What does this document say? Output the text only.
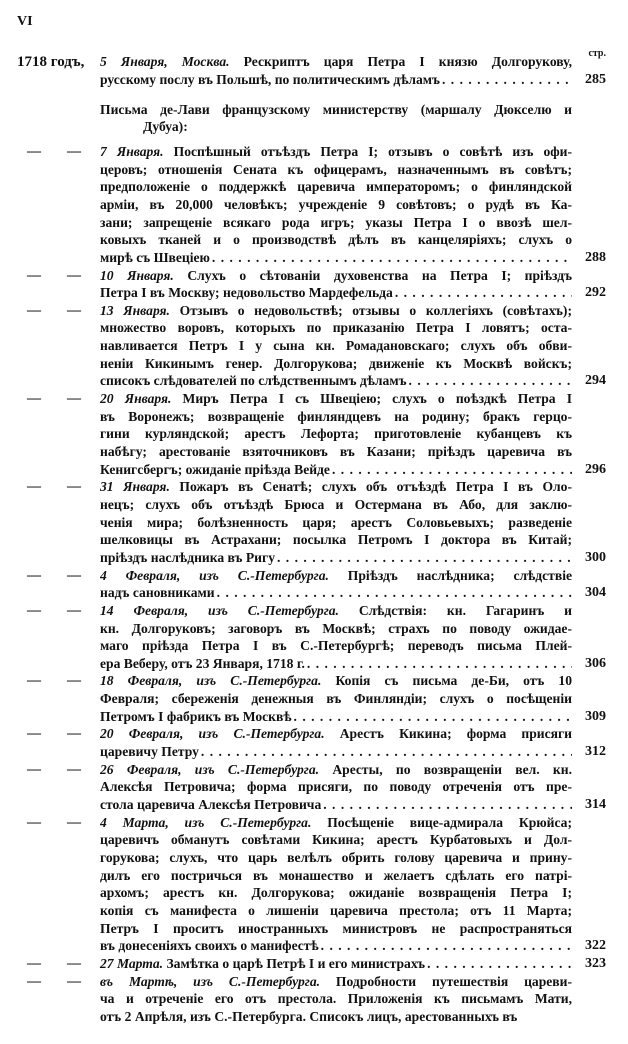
VI
1718 годъ,
стр.
5 Января, Москва. Рескриптъ царя Петра I князю Долгорукову,
русскому послу въ Польшѣ, по политическимъ дѣламъ . . .	285
Письма де-Лави французскому министерству (маршалу Дюкселю и
Дубуа):
— — 7 Января. Поспѣшный отъѣздъ Петра I; отзывъ о совѣтѣ изъ офи-
церовъ; отношенія Сената къ офицерамъ, назначеннымъ въ совѣтъ;
предположеніе о поддержкѣ царевича императоромъ; о финляндской
арміи, въ 20,000 человѣкъ; учрежденіе 9 совѣтовъ; о рудѣ въ Ка-
зани; запрещеніе всякаго рода игръ; указы Петра I о ввозѣ шел-
ковыхъ тканей и о производствѣ дѣлъ въ канцеляріяхъ; слухъ о
мирѣ съ Швеціею . . .	288
— — 10 Января. Слухъ о сѣтованіи духовенства на Петра I; пріѣздъ
Петра I въ Москву; недовольство Мардефельда . . .	292
— — 13 Января. Отзывъ о недовольствѣ; отзывы о коллегіяхъ (совѣтахъ);
множество воровъ, которыхъ по приказанію Петра I ловятъ; оста-
навливается Петръ I у сына кн. Ромадановскаго; слухъ объ обви-
неніи Кикинымъ генер. Долгорукова; движеніе къ Москвѣ войскъ;
списокъ слѣдователей по слѣдственнымъ дѣламъ . . .	294
— — 20 Января. Миръ Петра I съ Швеціею; слухъ о поѣздкѣ Петра I
въ Воронежъ; возвращеніе финляндцевъ на родину; бракъ герцо-
гини курляндской; арестъ Лефорта; приготовленіе кубанцевъ къ
набѣгу; арестованіе взяточниковъ въ Казани; пріѣздъ царевича въ
Кенигсбергъ; ожиданіе пріѣзда Вейде . . .	296
— — 31 Января. Пожаръ въ Сенатѣ; слухъ объ отъѣздѣ Петра I въ Оло-
нецъ; слухъ объ отъѣздѣ Брюса и Остермана въ Або, для заклю-
ченія мира; болѣзненность царя; арестъ Соловьевыхъ; разведеніе
шелковицы въ Астрахани; посылка Петромъ I доктора въ Китай;
пріѣздъ наслѣдника въ Ригу . . .	300
— — 4 Февраля, изъ С.-Петербурга. Пріѣздъ наслѣдника; слѣдствіе
надъ сановниками . . .	304
— — 14 Февраля, изъ С.-Петербурга. Слѣдствія: кн. Гагаринъ и
кн. Долгоруковъ; заговоръ въ Москвѣ; страхъ по поводу ожидае-
маго пріѣзда Петра I въ С.-Петербургѣ; переводъ письма Плей-
ера Веберу, отъ 23 Января, 1718 г. . . .	306
— — 18 Февраля, изъ С.-Петербурга. Копія съ письма де-Би, отъ 10
Февраля; сбереженія денежныя въ Финляндіи; слухъ о посѣщеніи
Петромъ I фабрикъ въ Москвѣ . . .	309
— — 20 Февраля, изъ С.-Петербурга. Арестъ Кикина; форма присяги
царевичу Петру . . .	312
— — 26 Февраля, изъ С.-Петербурга. Аресты, по возвращеніи вел. кн.
Алексѣя Петровича; форма присяги, по поводу отреченія отъ пре-
стола царевича Алексѣя Петровича . . .	314
— — 4 Марта, изъ С.-Петербурга. Посѣщеніе вице-адмирала Крюйса;
царевичъ обманутъ совѣтами Кикина; арестъ Курбатовыхъ и Дол-
горукова; слухъ, что царь велѣлъ обрить голову царевича и прину-
дилъ его постричься въ монашество и желаетъ сдѣлать его патрі-
архомъ; арестъ кн. Долгорукова; ожиданіе возвращенія Петра I;
копія съ манифеста о лишеніи царевича престола; отъ 11 Марта;
Петръ I проситъ иностранныхъ министровъ не распространяться
въ донесеніяхъ своихъ о манифестѣ . . .	322
— — 27 Марта. Замѣтка о царѣ Петрѣ I и его министрахъ . . .	323
— — въ Мартѣ, изъ С.-Петербурга. Подробности путешествія цареви-
ча и отреченіе его отъ престола. Приложенія къ письмамъ Мати,
отъ 2 Апрѣля, изъ С.-Петербурга. Списокъ лицъ, арестованныхъ въ
